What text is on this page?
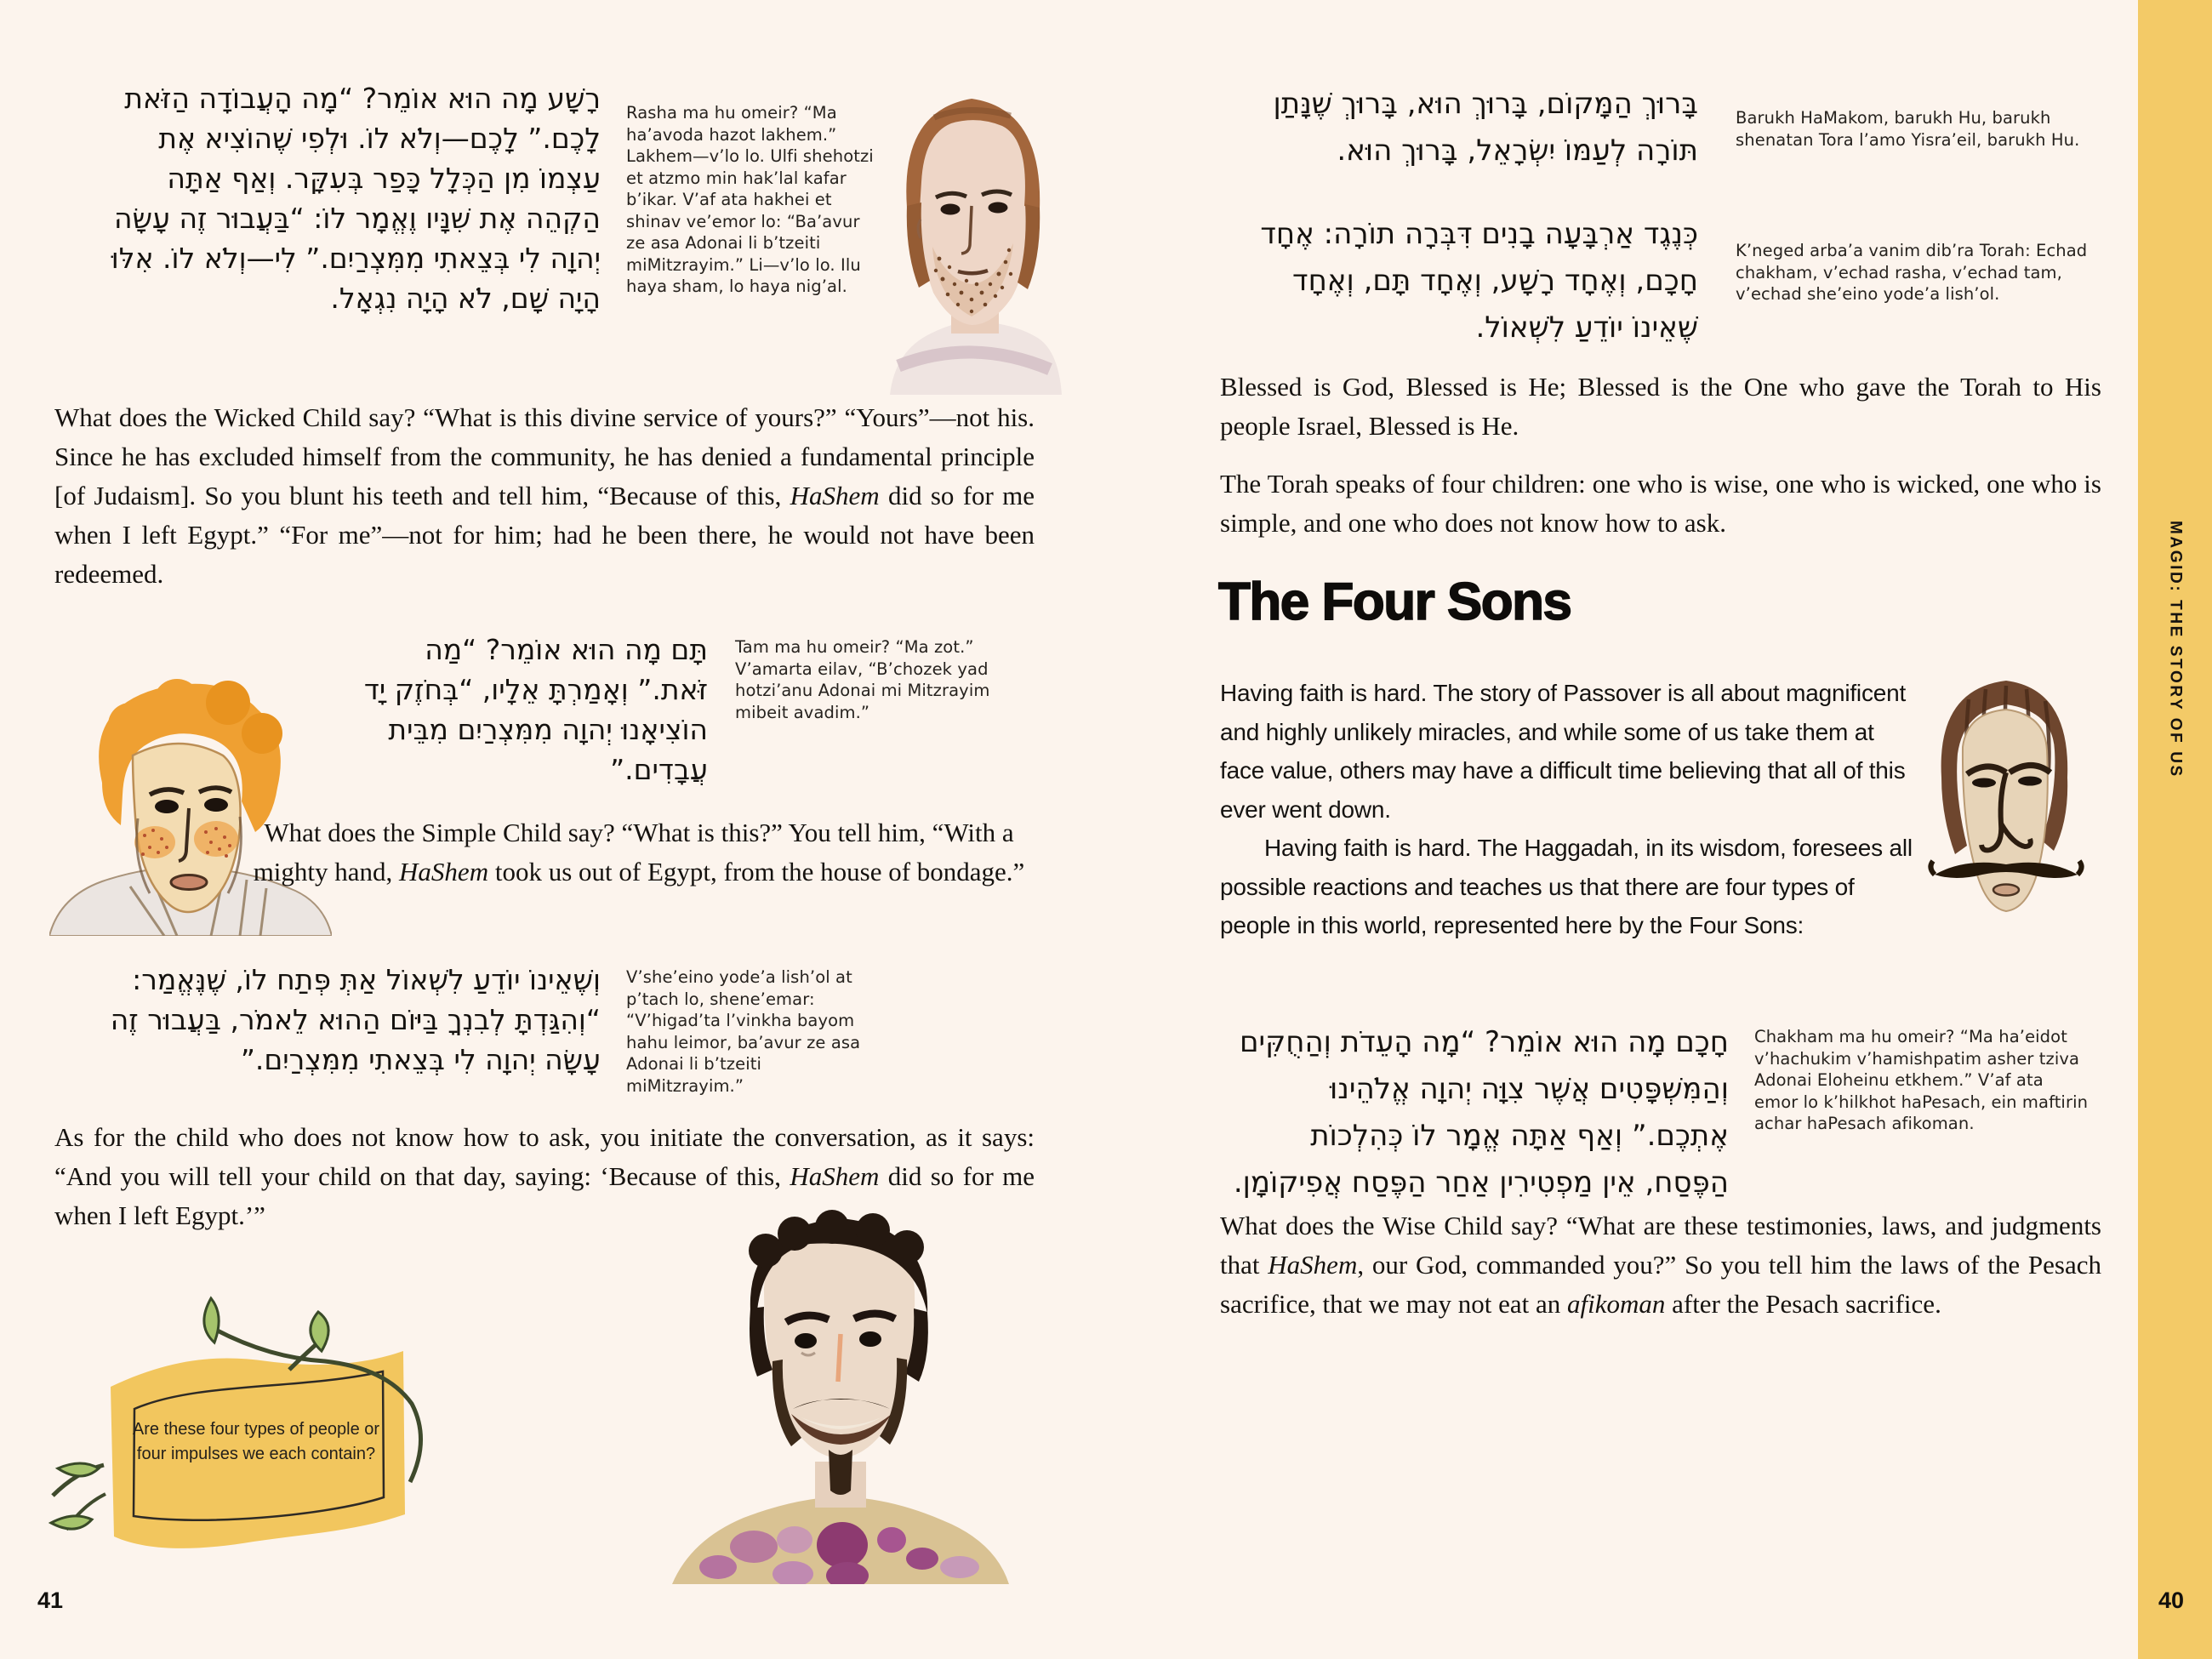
רָשָׁע מָה הוּא אוֹמֵר? “מָה הָעֲבוֹדָה הַזֹּאת לָכֶם.” לָכֶם—וְלֹא לוֹ. וּלְפִי שֶׁהוֹצִיא אֶת עַצְמוֹ מִן הַכְּלָל כָּפַר בְּעִקָּר. וְאַף אַתָּה הַקְהֵה אֶת שִׁנָּיו וֶאֱמָר לוֹ: “בַּעֲבוּר זֶה עָשָׂה יְהוָה לִי בְּצֵאתִי מִמִּצְרַיִם.” לִי—וְלֹא לוֹ. אִלּוּ הָיָה שָׁם, לֹא הָיָה נִגְאָל.
Rasha ma hu omeir? “Ma ha’avoda hazot lakhem.” Lakhem—v’lo lo. Ulfi shehotzi et atzmo min hak’lal kafar b’ikar. V’af ata hakhei et shinav ve’emor lo: “Ba’avur ze asa Adonai li b’tzeiti miMitzrayim.” Li—v’lo lo. Ilu haya sham, lo haya nig’al.
What does the Wicked Child say? “What is this divine service of yours?” “Yours”—not his. Since he has excluded himself from the community, he has denied a fundamental principle [of Judaism]. So you blunt his teeth and tell him, “Because of this, HaShem did so for me when I left Egypt.” “For me”—not for him; had he been there, he would not have been redeemed.
תָּם מָה הוּא אוֹמֵר? “מַה זֹּאת.” וְאָמַרְתָּ אֵלָיו, “בְּחֹזֶק יָד הוֹצִיאָנוּ יְהוָה מִמִּצְרַיִם מִבֵּית עֲבָדִים.”
Tam ma hu omeir? “Ma zot.” V’amarta eilav, “B’chozek yad hotzi’anu Adonai mi Mitzrayim mibeit avadim.”
What does the Simple Child say? “What is this?” You tell him, “With a mighty hand, HaShem took us out of Egypt, from the house of bondage.”
וְשֶׁאֵינוֹ יוֹדֵעַ לִשְׁאוֹל אַתְּ פְּתַח לוֹ, שֶׁנֶּאֱמַר: “וְהִגַּדְתָּ לְבִנְךָ בַּיּוֹם הַהוּא לֵאמֹר, בַּעֲבוּר זֶה עָשָׂה יְהוָה לִי בְּצֵאתִי מִמִּצְרַיִם.”
V’she’eino yode’a lish’ol at p’tach lo, shene’emar: “V’higad’ta l’vinkha bayom hahu leimor, ba’avur ze asa Adonai li b’tzeiti miMitzrayim.”
As for the child who does not know how to ask, you initiate the conversation, as it says: “And you will tell your child on that day, saying: ‘Because of this, HaShem did so for me when I left Egypt.’”
Are these four types of people or four impulses we each contain?
41
בָּרוּךְ הַמָּקוֹם, בָּרוּךְ הוּא, בָּרוּךְ שֶׁנָּתַן תּוֹרָה לְעַמּוֹ יִשְׂרָאֵל, בָּרוּךְ הוּא.
Barukh HaMakom, barukh Hu, barukh shenatan Tora l’amo Yisra’eil, barukh Hu.
כְּנֶגֶד אַרְבָּעָה בָנִים דִּבְּרָה תוֹרָה: אֶחָד חָכָם, וְאֶחָד רָשָׁע, וְאֶחָד תָּם, וְאֶחָד שֶׁאֵינוֹ יוֹדֵעַ לִשְׁאוֹל.
K’neged arba’a vanim dib’ra Torah: Echad chakham, v’echad rasha, v’echad tam, v’echad she’eino yode’a lish’ol.
Blessed is God, Blessed is He; Blessed is the One who gave the Torah to His people Israel, Blessed is He.
The Torah speaks of four children: one who is wise, one who is wicked, one who is simple, and one who does not know how to ask.
The Four Sons

Having faith is hard. The story of Passover is all about magnificent and highly unlikely miracles, and while some of us take them at face value, others may have a difficult time believing that all of this ever went down.

Having faith is hard. The Haggadah, in its wisdom, foresees all possible reactions and teaches us that there are four types of people in this world, represented here by the Four Sons:

חָכָם מָה הוּא אוֹמֵר? “מָה הָעֵדֹת וְהַחֻקִּים וְהַמִּשְׁפָּטִים אֲשֶׁר צִוָּה יְהוָה אֱלֹהֵינוּ אֶתְכֶם.” וְאַף אַתָּה אֱמָר לוֹ כְּהִלְכוֹת הַפֶּסַח, אֵין מַפְטִירִין אַחַר הַפֶּסַח אֲפִיקוֹמָן.
Chakham ma hu omeir? “Ma ha’eidot v’hachukim v’hamishpatim asher tziva Adonai Eloheinu etkhem.” V’af ata emor lo k’hilkhot haPesach, ein maftirin achar haPesach afikoman.
What does the Wise Child say? “What are these testimonies, laws, and judgments that HaShem, our God, commanded you?” So you tell him the laws of the Pesach sacrifice, that we may not eat an afikoman after the Pesach sacrifice.
MAGID: THE STORY OF US
40
